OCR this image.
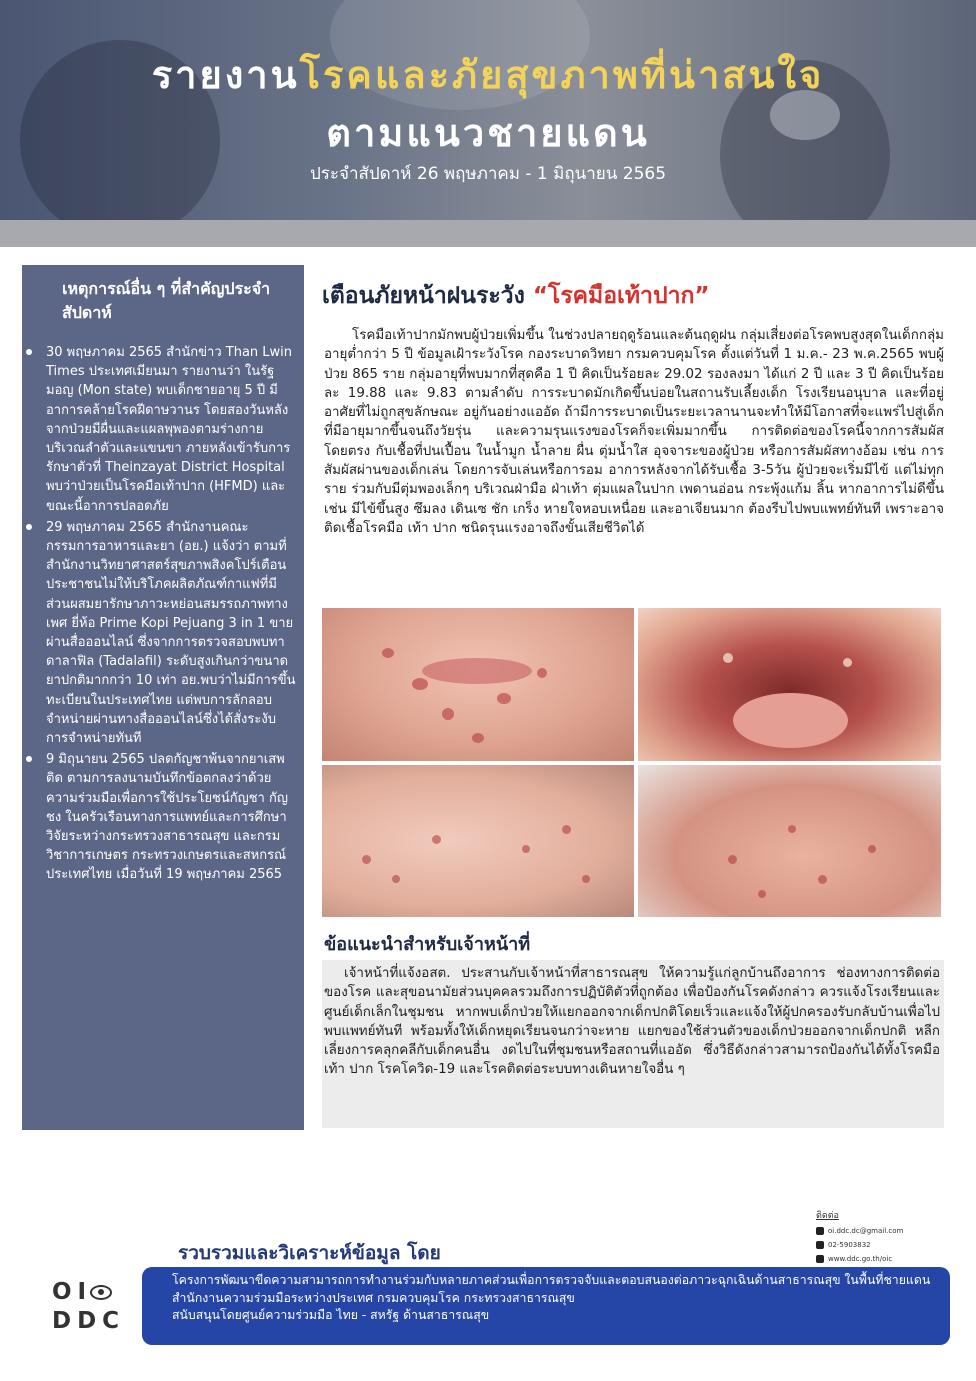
รายงานโรคและภัยสุขภาพที่น่าสนใจ
ตามแนวชายแดน
ประจำสัปดาห์ 26 พฤษภาคม - 1 มิถุนายน 2565
เหตุการณ์อื่น ๆ ที่สำคัญประจำสัปดาห์
30 พฤษภาคม 2565 สำนักข่าว Than Lwin Times ประเทศเมียนมา รายงานว่า ในรัฐมอญ (Mon state) พบเด็กชายอายุ 5 ปี มีอาการคล้ายโรคฝีดาษวานร โดยสองวันหลังจากป่วยมีผื่นและแผลพุพองตามร่างกายบริเวณลำตัวและแขนขา ภายหลังเข้ารับการรักษาตัวที่ Theinzayat District Hospital พบว่าป่วยเป็นโรคมือเท้าปาก (HFMD) และขณะนี้อาการปลอดภัย
29 พฤษภาคม 2565 สำนักงานคณะกรรมการอาหารและยา (อย.) แจ้งว่า ตามที่สำนักงานวิทยาศาสตร์สุขภาพสิงคโปร์เตือนประชาชนไม่ให้บริโภคผลิตภัณฑ์กาแฟที่มีส่วนผสมยารักษาภาวะหย่อนสมรรถภาพทางเพศ ยี่ห้อ Prime Kopi Pejuang 3 in 1 ขายผ่านสื่อออนไลน์ ซึ่งจากการตรวจสอบพบทาดาลาฟิล (Tadalafil) ระดับสูงเกินกว่าขนาดยาปกติมากกว่า 10 เท่า อย.พบว่าไม่มีการขึ้นทะเบียนในประเทศไทย แต่พบการลักลอบจำหน่ายผ่านทางสื่อออนไลน์ซึ่งได้สั่งระงับการจำหน่ายทันที
9 มิถุนายน 2565 ปลดกัญชาพ้นจากยาเสพติด ตามการลงนามบันทึกข้อตกลงว่าด้วยความร่วมมือเพื่อการใช้ประโยชน์กัญชา กัญชง ในครัวเรือนทางการแพทย์และการศึกษาวิจัยระหว่างกระทรวงสาธารณสุข และกรมวิชาการเกษตร กระทรวงเกษตรและสหกรณ์ ประเทศไทย เมื่อวันที่ 19 พฤษภาคม 2565
เตือนภัยหน้าฝนระวัง “โรคมือเท้าปาก”
โรคมือเท้าปากมักพบผู้ป่วยเพิ่มขึ้น ในช่วงปลายฤดูร้อนและต้นฤดูฝน กลุ่มเสี่ยงต่อโรคพบสูงสุดในเด็กกลุ่มอายุต่ำกว่า 5 ปี ข้อมูลเฝ้าระวังโรค กองระบาดวิทยา กรมควบคุมโรค ตั้งแต่วันที่ 1 ม.ค.- 23 พ.ค.2565 พบผู้ป่วย 865 ราย กลุ่มอายุที่พบมากที่สุดคือ 1 ปี คิดเป็นร้อยละ 29.02 รองลงมา ได้แก่ 2 ปี และ 3 ปี คิดเป็นร้อยละ 19.88 และ 9.83 ตามลำดับ การระบาดมักเกิดขึ้นบ่อยในสถานรับเลี้ยงเด็ก โรงเรียนอนุบาล และที่อยู่อาศัยที่ไม่ถูกสุขลักษณะ อยู่กันอย่างแออัด ถ้ามีการระบาดเป็นระยะเวลานานจะทำให้มีโอกาสที่จะแพร่ไปสู่เด็กที่มีอายุมากขึ้นจนถึงวัยรุ่น และความรุนแรงของโรคก็จะเพิ่มมากขึ้น การติดต่อของโรคนี้จากการสัมผัสโดยตรง กับเชื้อที่ปนเปื้อน ในน้ำมูก น้ำลาย ผื่น ตุ่มน้ำใส อุจจาระของผู้ป่วย หรือการสัมผัสทางอ้อม เช่น การสัมผัสผ่านของเด็กเล่น โดยการจับเล่นหรือการอม อาการหลังจากได้รับเชื้อ 3-5วัน ผู้ป่วยจะเริ่มมีไข้ แต่ไม่ทุกราย ร่วมกับมีตุ่มพองเล็กๆ บริเวณฝ่ามือ ฝ่าเท้า ตุ่มแผลในปาก เพดานอ่อน กระพุ้งแก้ม ลิ้น หากอาการไม่ดีขึ้น เช่น มีไข้ขึ้นสูง ซึมลง เดินเซ ชัก เกร็ง หายใจหอบเหนื่อย และอาเจียนมาก ต้องรีบไปพบแพทย์ทันที เพราะอาจติดเชื้อโรคมือ เท้า ปาก ชนิดรุนแรงอาจถึงขั้นเสียชีวิตได้
ข้อแนะนำสำหรับเจ้าหน้าที่
เจ้าหน้าที่แจ้งอสต. ประสานกับเจ้าหน้าที่สาธารณสุข ให้ความรู้แก่ลูกบ้านถึงอาการ ช่องทางการติดต่อของโรค และสุขอนามัยส่วนบุคคลรวมถึงการปฏิบัติตัวที่ถูกต้อง เพื่อป้องกันโรคดังกล่าว ควรแจ้งโรงเรียนและศูนย์เด็กเล็กในชุมชน หากพบเด็กป่วยให้แยกออกจากเด็กปกติโดยเร็วและแจ้งให้ผู้ปกครองรับกลับบ้านเพื่อไปพบแพทย์ทันที พร้อมทั้งให้เด็กหยุดเรียนจนกว่าจะหาย แยกของใช้ส่วนตัวของเด็กป่วยออกจากเด็กปกติ หลีกเลี่ยงการคลุกคลีกับเด็กคนอื่น งดไปในที่ชุมชนหรือสถานที่แออัด ซึ่งวิธีดังกล่าวสามารถป้องกันได้ทั้งโรคมือ เท้า ปาก โรคโควิด-19 และโรคติดต่อระบบทางเดินหายใจอื่น ๆ
ติดต่อ
oi.ddc.dc@gmail.com
02-5903832
www.ddc.go.th/oic
OI
DDC
รวบรวมและวิเคราะห์ข้อมูล โดย
โครงการพัฒนาขีดความสามารถการทำงานร่วมกับหลายภาคส่วนเพื่อการตรวจจับและตอบสนองต่อภาวะฉุกเฉินด้านสาธารณสุข ในพื้นที่ชายแดน
สำนักงานความร่วมมือระหว่างประเทศ กรมควบคุมโรค กระทรวงสาธารณสุข
สนับสนุนโดยศูนย์ความร่วมมือ ไทย - สหรัฐ ด้านสาธารณสุข
